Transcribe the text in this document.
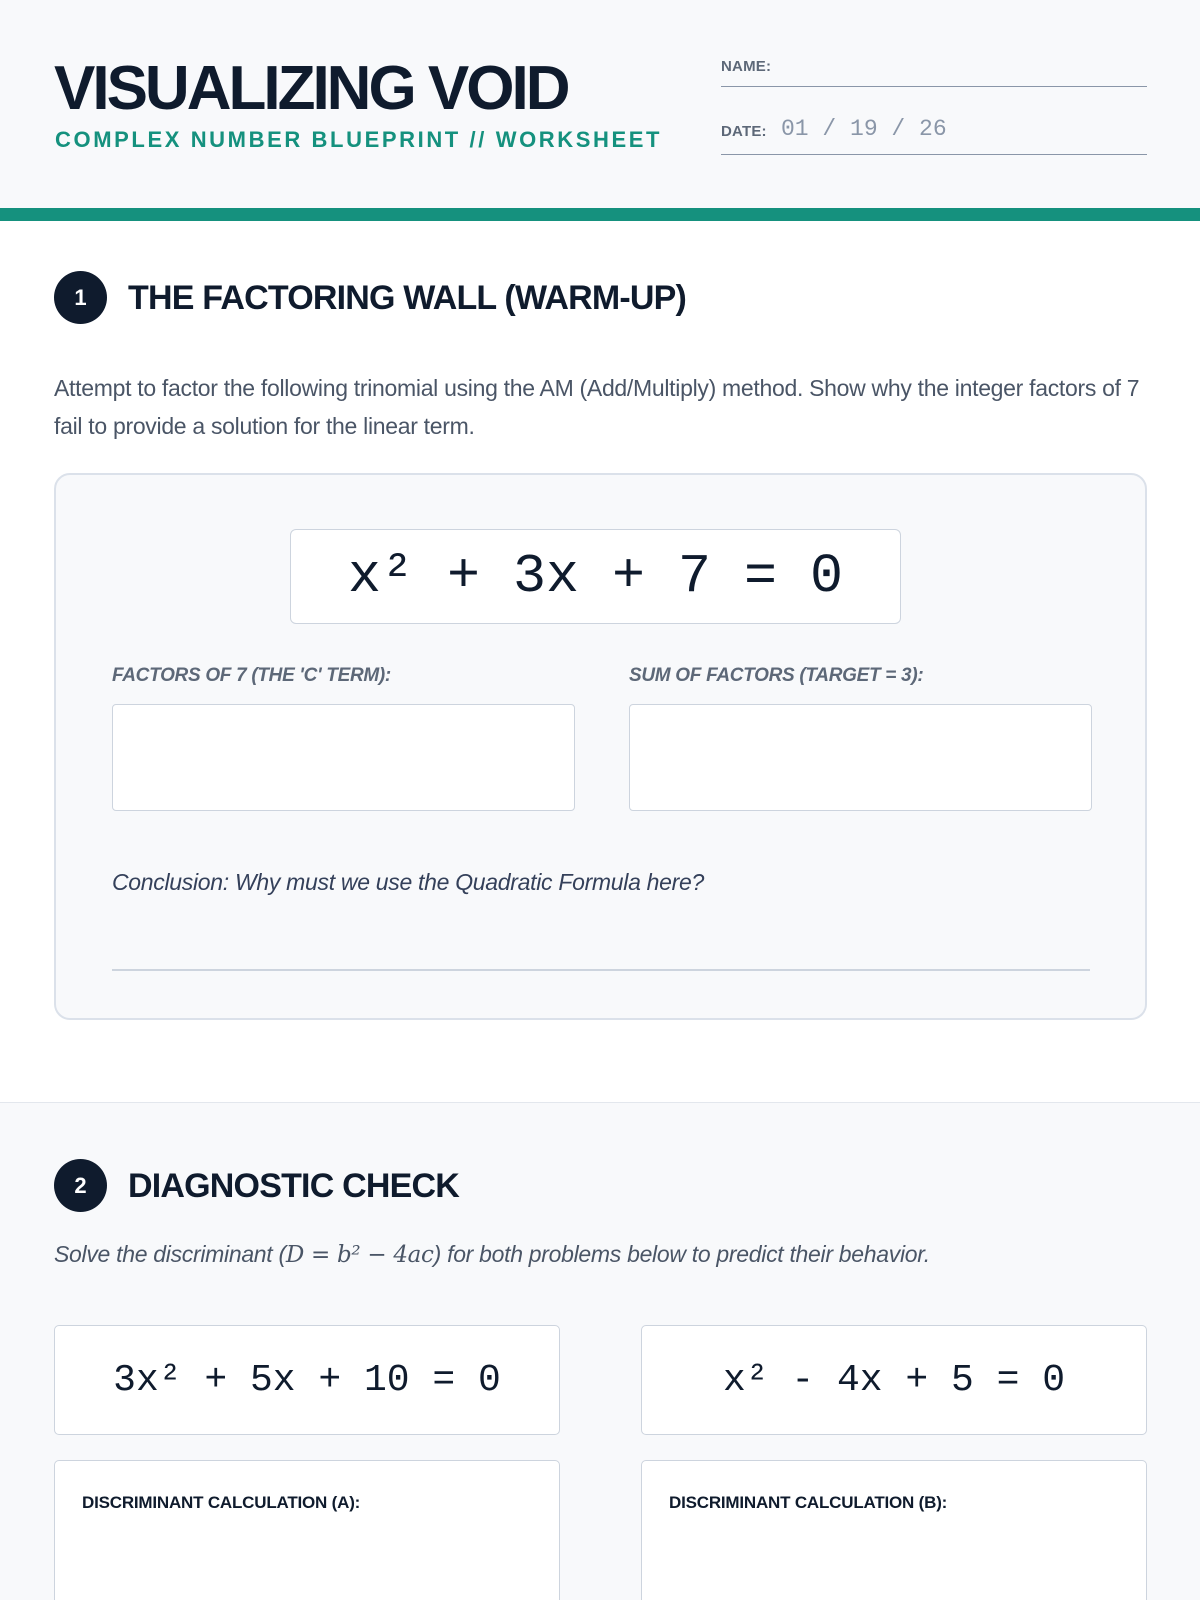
VISUALIZING VOID
COMPLEX NUMBER BLUEPRINT // WORKSHEET
NAME:
DATE: 01 / 19 / 26
1	THE FACTORING WALL (WARM-UP)
Attempt to factor the following trinomial using the AM (Add/Multiply) method. Show why the integer factors of 7 fail to provide a solution for the linear term.
x² + 3x + 7 = 0
FACTORS OF 7 (THE 'C' TERM):	SUM OF FACTORS (TARGET = 3):
Conclusion: Why must we use the Quadratic Formula here?
2	DIAGNOSTIC CHECK
Solve the discriminant (D = b² − 4ac) for both problems below to predict their behavior.
3x² + 5x + 10 = 0	x² - 4x + 5 = 0
DISCRIMINANT CALCULATION (A):	DISCRIMINANT CALCULATION (B):
